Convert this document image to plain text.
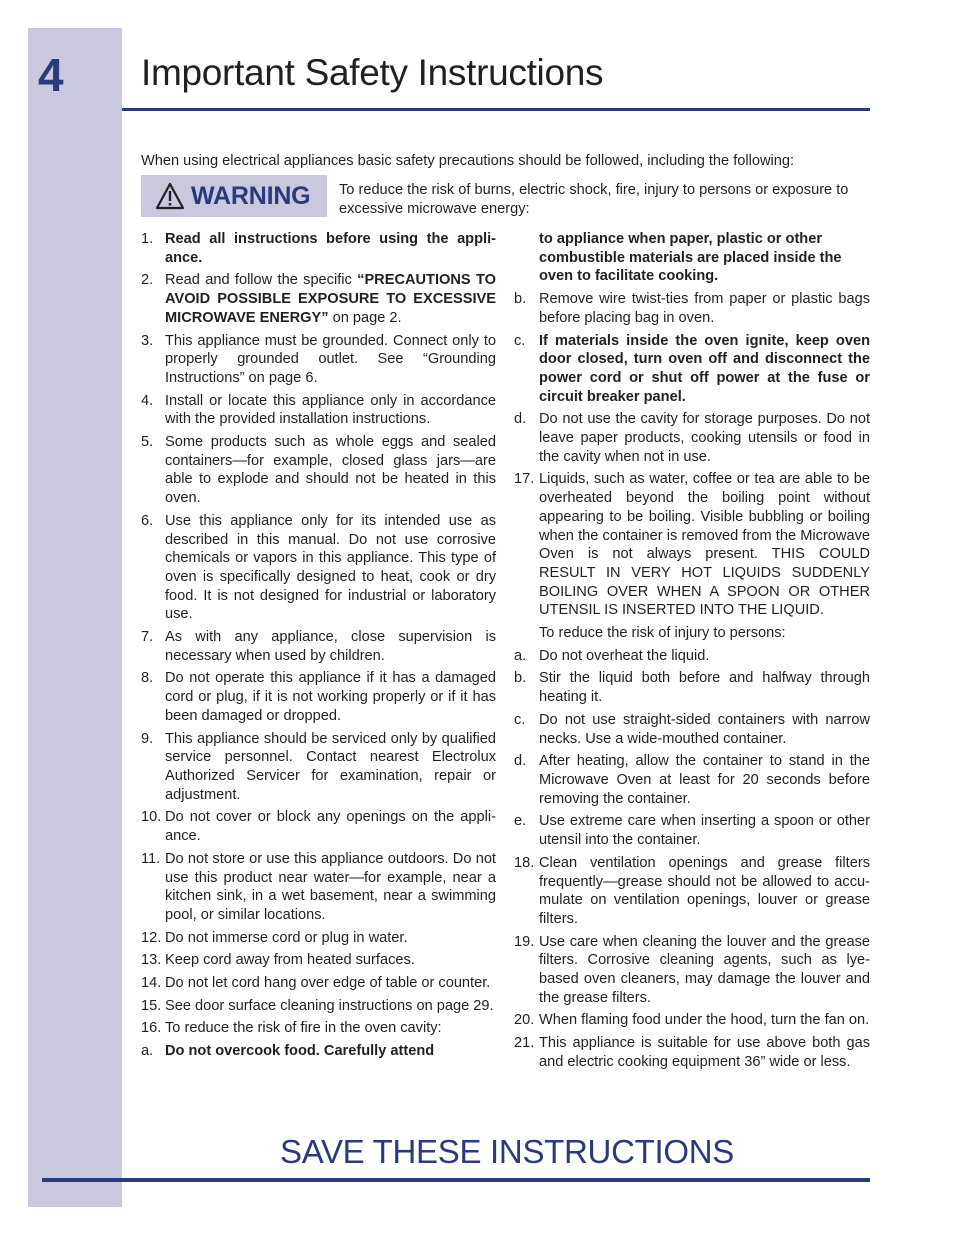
4 Important Safety Instructions
When using electrical appliances basic safety precautions should be followed, including the following:
WARNING To reduce the risk of burns, electric shock, fire, injury to persons or exposure to excessive microwave energy:
1. Read all instructions before using the appliance.
2. Read and follow the specific “PRECAUTIONS TO AVOID POSSIBLE EXPOSURE TO EXCESSIVE MICROWAVE ENERGY” on page 2.
3. This appliance must be grounded. Connect only to properly grounded outlet. See “Grounding Instructions” on page 6.
4. Install or locate this appliance only in accordance with the provided installation instructions.
5. Some products such as whole eggs and sealed containers—for example, closed glass jars—are able to explode and should not be heated in this oven.
6. Use this appliance only for its intended use as described in this manual. Do not use corrosive chemicals or vapors in this appliance. This type of oven is specifically designed to heat, cook or dry food. It is not designed for industrial or laboratory use.
7. As with any appliance, close supervision is necessary when used by children.
8. Do not operate this appliance if it has a damaged cord or plug, if it is not working properly or if it has been damaged or dropped.
9. This appliance should be serviced only by qualified service personnel. Contact nearest Electrolux Authorized Servicer for examination, repair or adjustment.
10. Do not cover or block any openings on the appliance.
11. Do not store or use this appliance outdoors. Do not use this product near water—for example, near a kitchen sink, in a wet basement, near a swimming pool, or similar locations.
12. Do not immerse cord or plug in water.
13. Keep cord away from heated surfaces.
14. Do not let cord hang over edge of table or counter.
15. See door surface cleaning instructions on page 29.
16. To reduce the risk of fire in the oven cavity:
a. Do not overcook food. Carefully attend
to appliance when paper, plastic or other combustible materials are placed inside the oven to facilitate cooking.
b. Remove wire twist-ties from paper or plastic bags before placing bag in oven.
c. If materials inside the oven ignite, keep oven door closed, turn oven off and disconnect the power cord or shut off power at the fuse or circuit breaker panel.
d. Do not use the cavity for storage purposes. Do not leave paper products, cooking utensils or food in the cavity when not in use.
17. Liquids, such as water, coffee or tea are able to be overheated beyond the boiling point without appearing to be boiling. Visible bubbling or boiling when the container is removed from the Microwave Oven is not always present. THIS COULD RESULT IN VERY HOT LIQUIDS SUDDENLY BOILING OVER WHEN A SPOON OR OTHER UTENSIL IS INSERTED INTO THE LIQUID.
To reduce the risk of injury to persons:
a. Do not overheat the liquid.
b. Stir the liquid both before and halfway through heating it.
c. Do not use straight-sided containers with narrow necks. Use a wide-mouthed container.
d. After heating, allow the container to stand in the Microwave Oven at least for 20 seconds before removing the container.
e. Use extreme care when inserting a spoon or other utensil into the container.
18. Clean ventilation openings and grease filters frequently—grease should not be allowed to accumulate on ventilation openings, louver or grease filters.
19. Use care when cleaning the louver and the grease filters. Corrosive cleaning agents, such as lye-based oven cleaners, may damage the louver and the grease filters.
20. When flaming food under the hood, turn the fan on.
21. This appliance is suitable for use above both gas and electric cooking equipment 36” wide or less.
SAVE THESE INSTRUCTIONS
